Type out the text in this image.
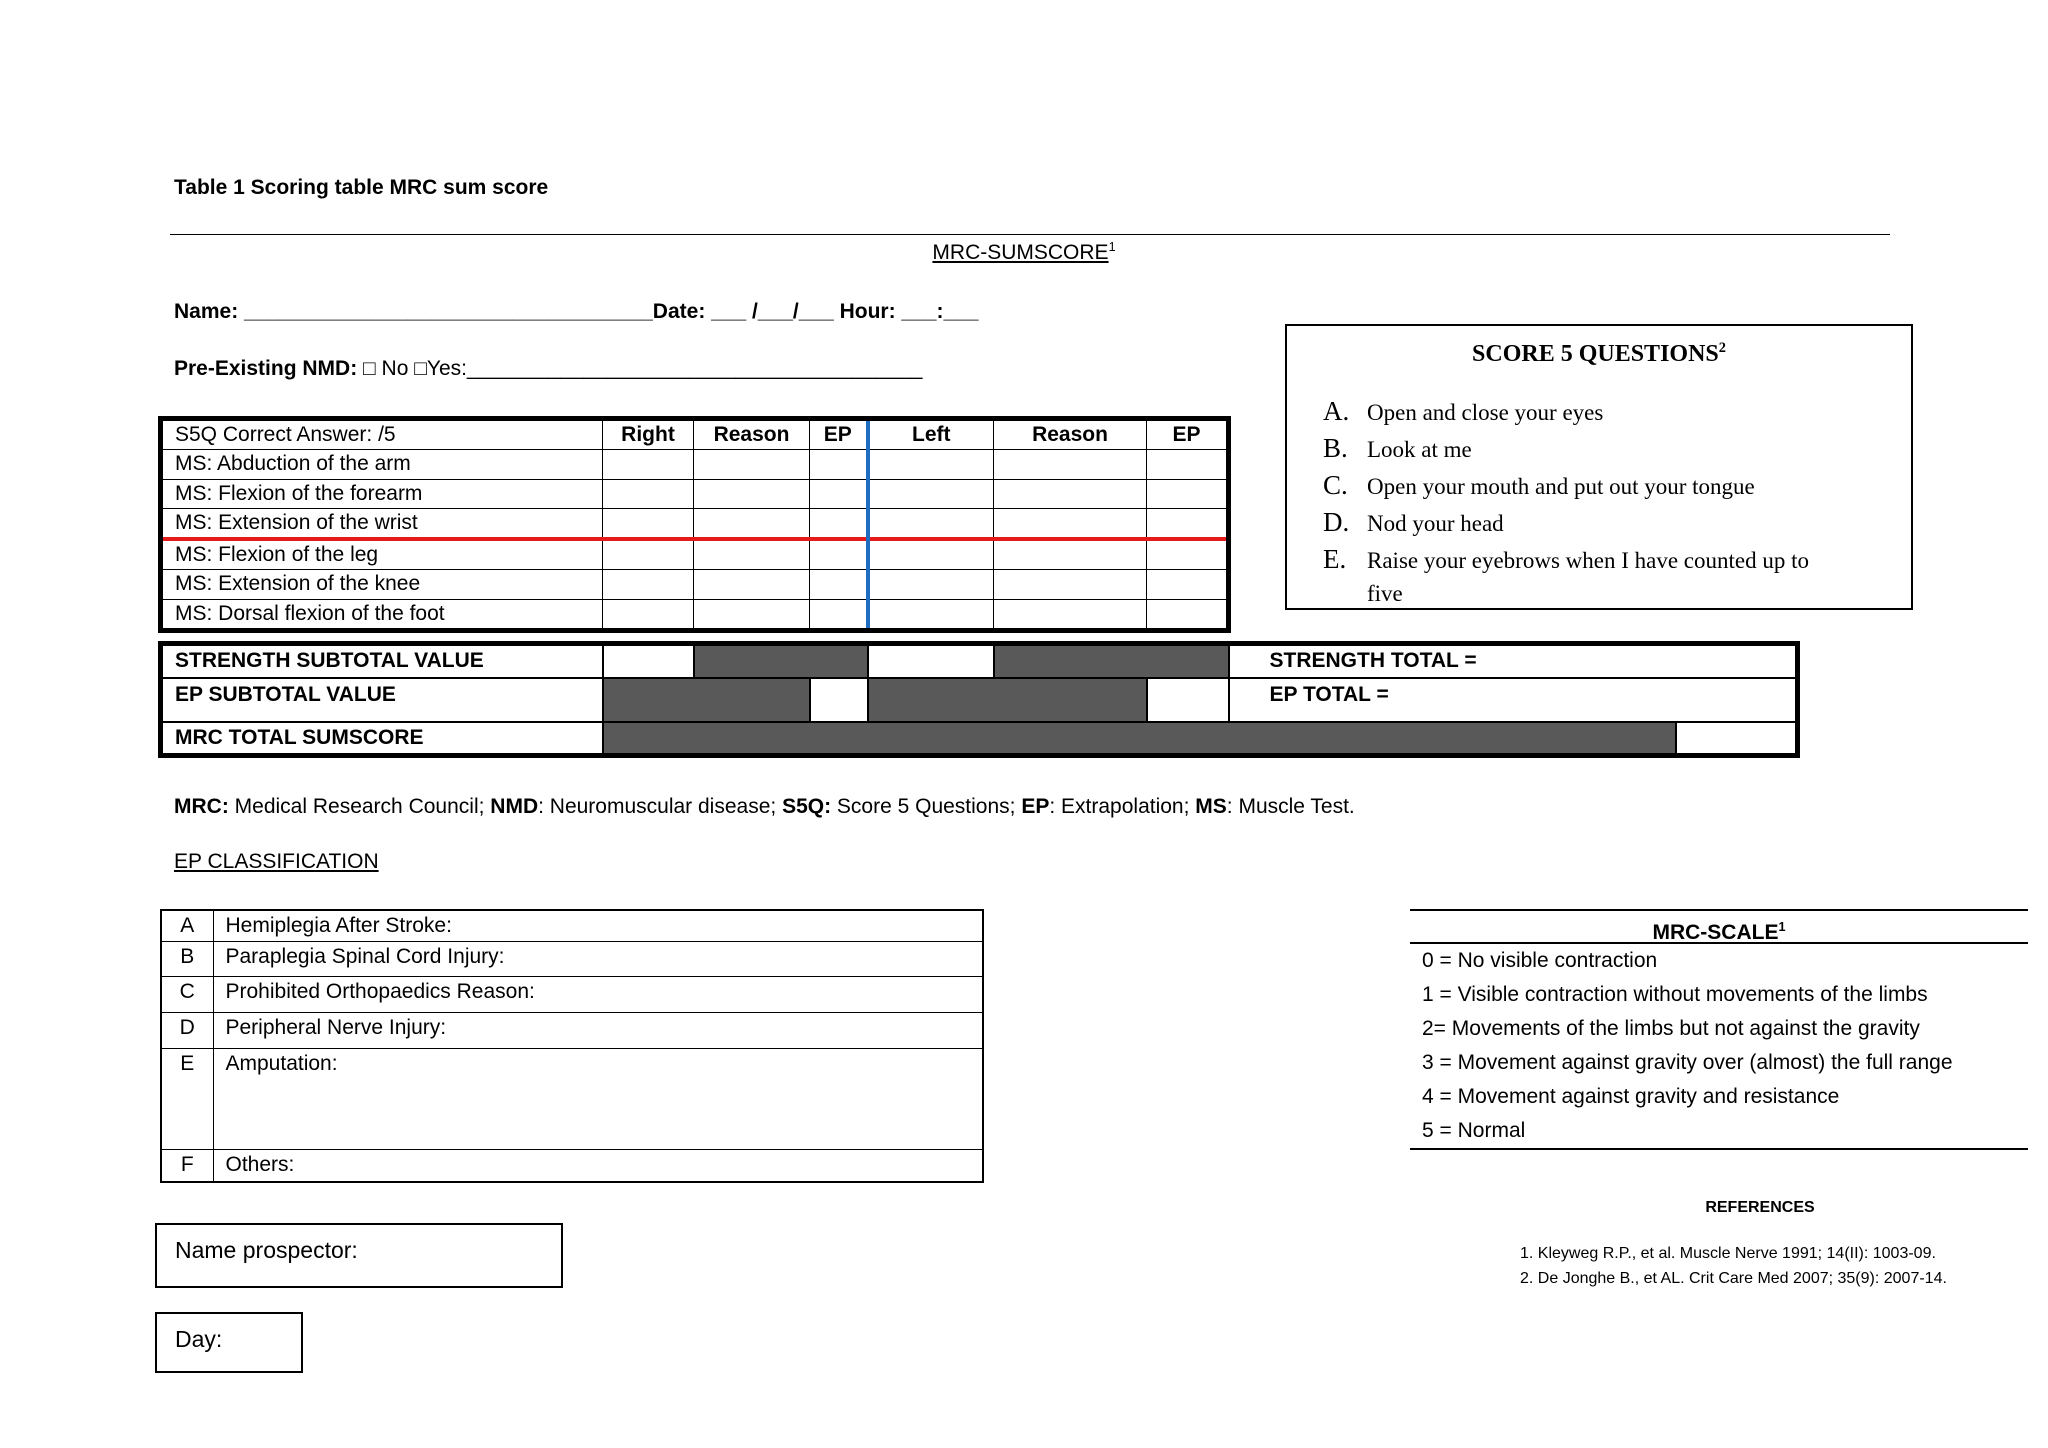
Table 1 Scoring table MRC sum score
MRC-SUMSCORE$^1$
Name: ___________________________________Date: ___ /___/___ Hour: ___:___
Pre-Existing NMD: □ No □Yes:_______________________________________
SCORE 5 QUESTIONS$^2$
A. Open and close your eyes
B. Look at me
C. Open your mouth and put out your tongue
D. Nod your head
E. Raise your eyebrows when I have counted up to
five
S5Q Correct Answer: /5	Right	Reason	EP	Left	Reason	EP
MS: Abduction of the arm						
MS: Flexion of the forearm						
MS: Extension of the wrist						
MS: Flexion of the leg						
MS: Extension of the knee						
MS: Dorsal flexion of the foot						
STRENGTH SUBTOTAL VALUE							STRENGTH TOTAL =	
EP SUBTOTAL VALUE							EP TOTAL =	
MRC TOTAL SUMSCORE								
MRC: Medical Research Council; NMD: Neuromuscular disease; S5Q: Score 5 Questions; EP: Extrapolation; MS: Muscle Test.
EP CLASSIFICATION
A	Hemiplegia After Stroke:
B	Paraplegia Spinal Cord Injury:
C	Prohibited Orthopaedics Reason:
D	Peripheral Nerve Injury:
E	Amputation:
F	Others:
MRC-SCALE$^1$
0 = No visible contraction
1 = Visible contraction without movements of the limbs
2= Movements of the limbs but not against the gravity
3 = Movement against gravity over (almost) the full range
4 = Movement against gravity and resistance
5 = Normal
REFERENCES
1. Kleyweg R.P., et al. Muscle Nerve 1991; 14(II): 1003-09.
2. De Jonghe B., et AL. Crit Care Med 2007; 35(9): 2007-14.
Name prospector:
Day:
